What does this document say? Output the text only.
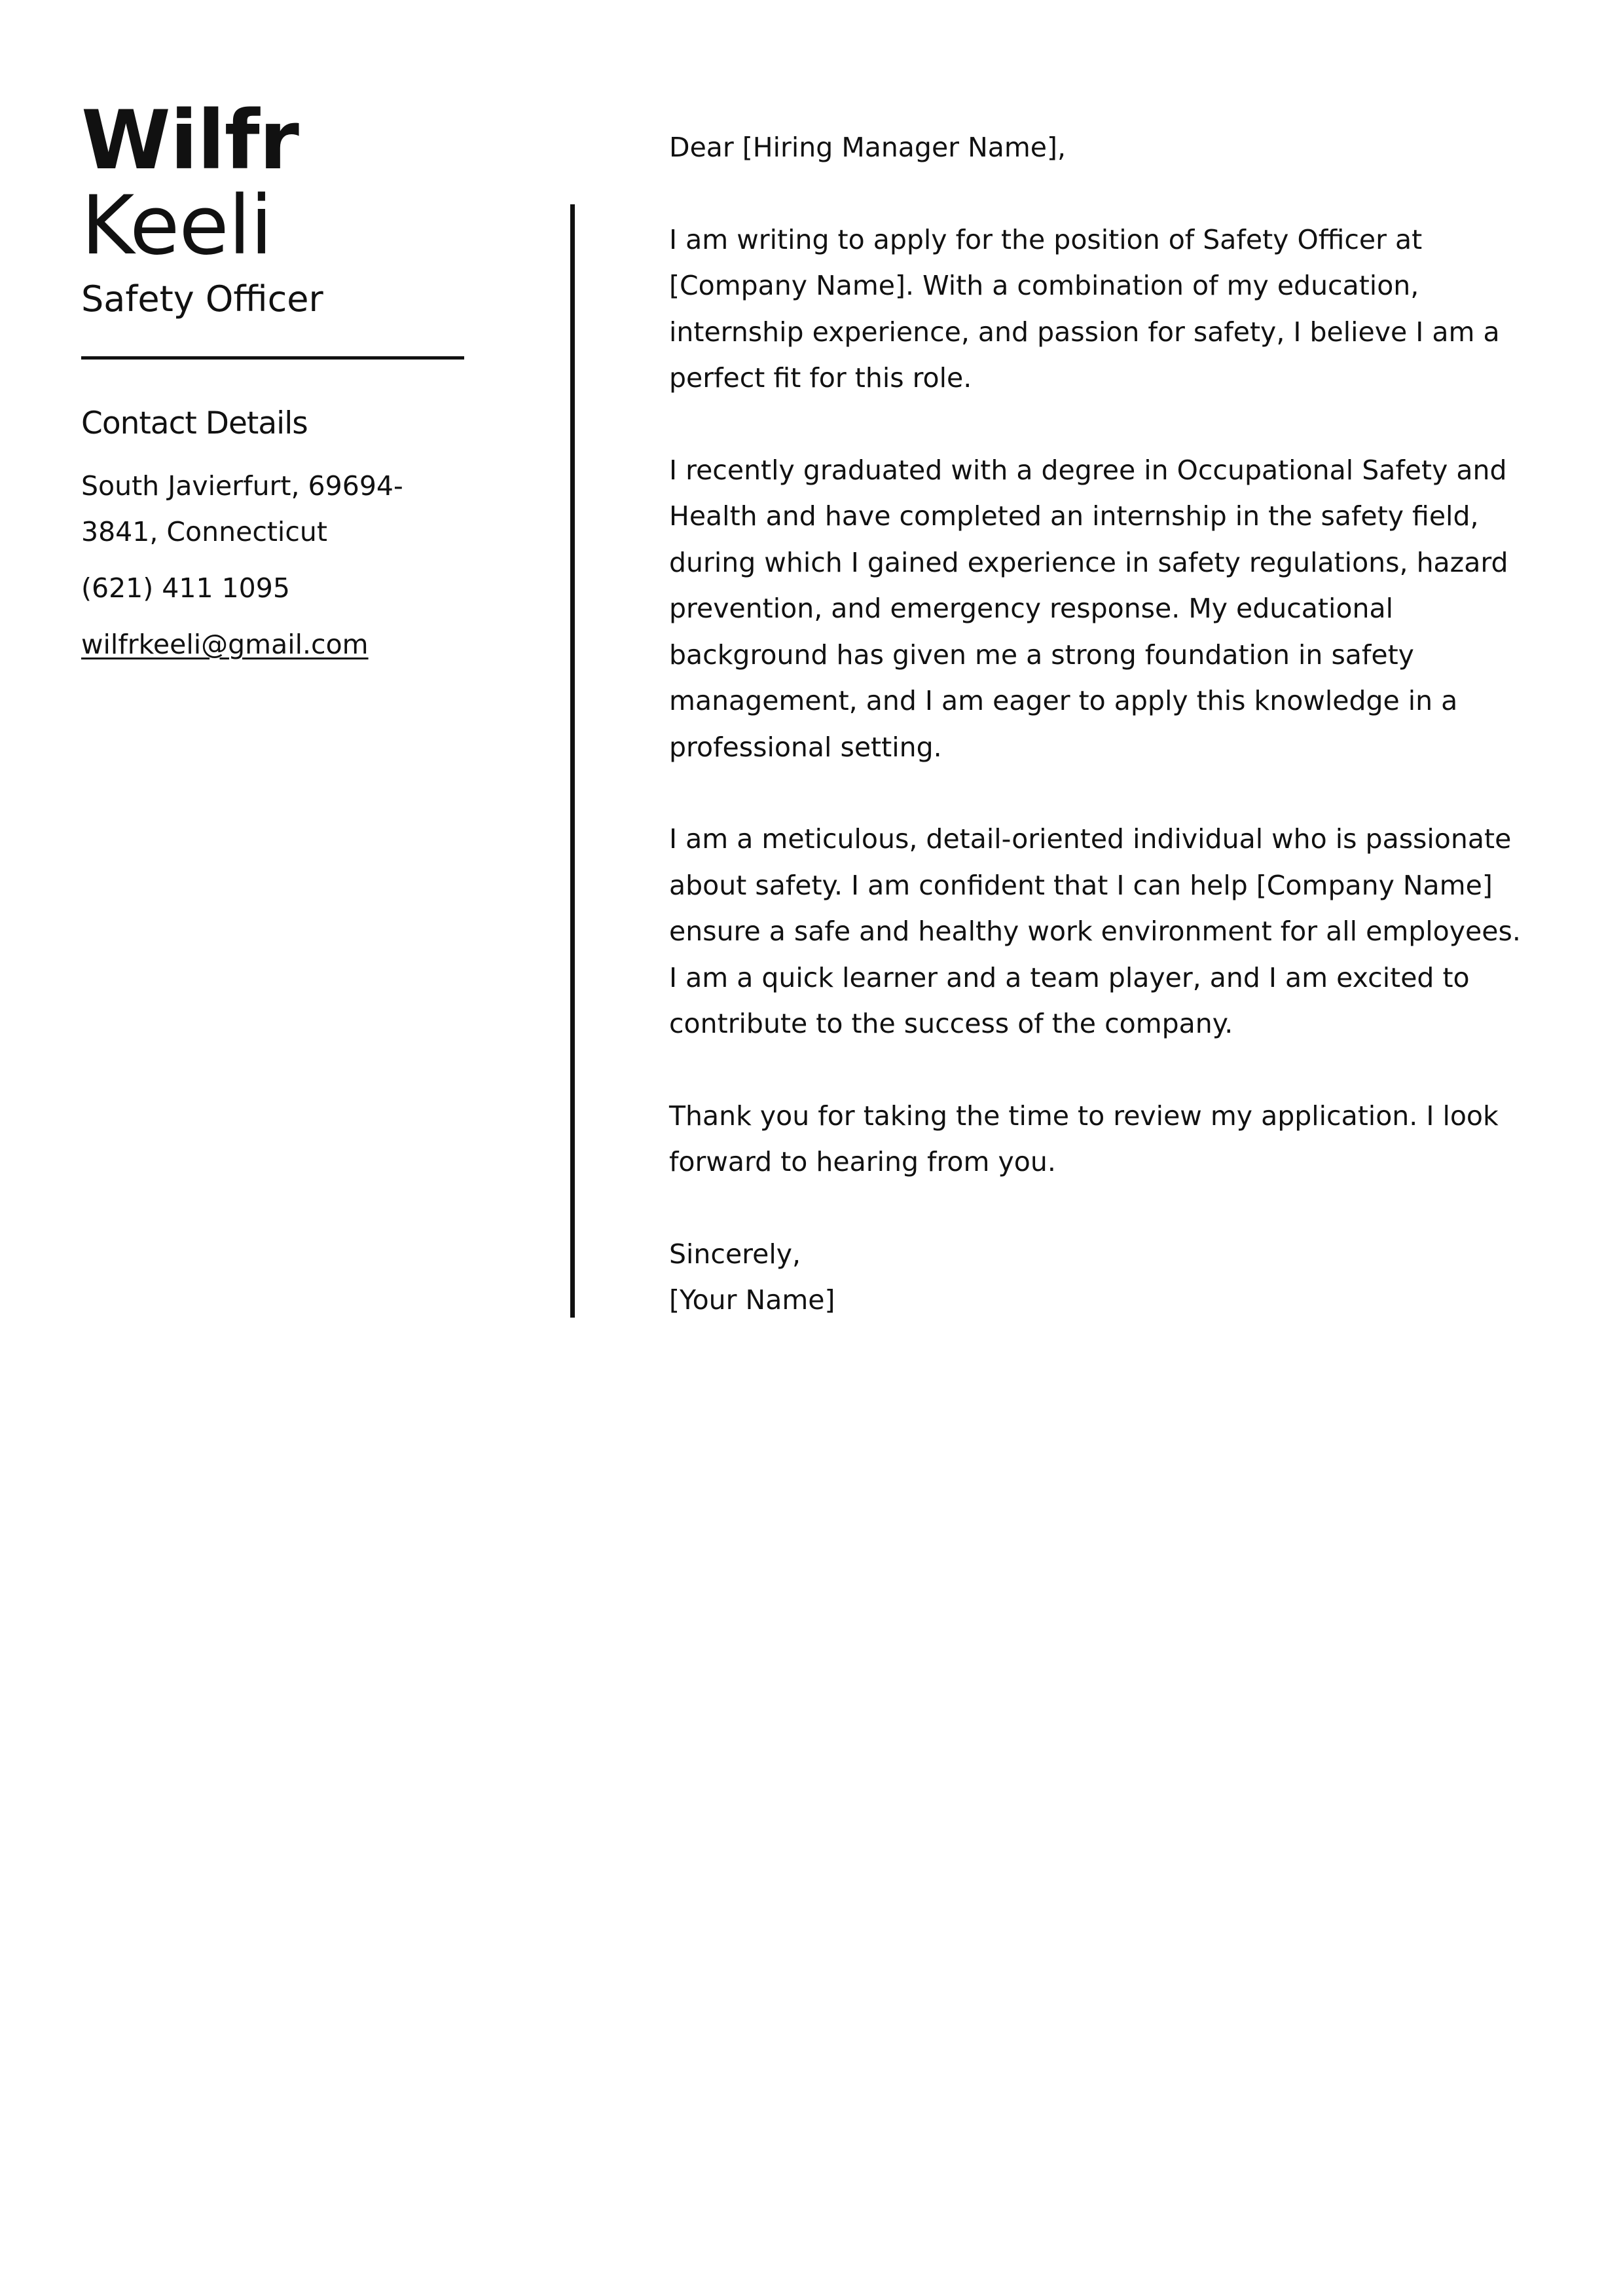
Wilfr
Keeli
Safety Officer
Contact Details
South Javierfurt, 69694-3841, Connecticut
(621) 411 1095
wilfrkeeli@gmail.com

Dear [Hiring Manager Name],

I am writing to apply for the position of Safety Officer at [Company Name]. With a combination of my education, internship experience, and passion for safety, I believe I am a perfect fit for this role.

I recently graduated with a degree in Occupational Safety and Health and have completed an internship in the safety field, during which I gained experience in safety regulations, hazard prevention, and emergency response. My educational background has given me a strong foundation in safety management, and I am eager to apply this knowledge in a professional setting.

I am a meticulous, detail-oriented individual who is passionate about safety. I am confident that I can help [Company Name] ensure a safe and healthy work environment for all employees. I am a quick learner and a team player, and I am excited to contribute to the success of the company.

Thank you for taking the time to review my application. I look forward to hearing from you.

Sincerely,
[Your Name]
